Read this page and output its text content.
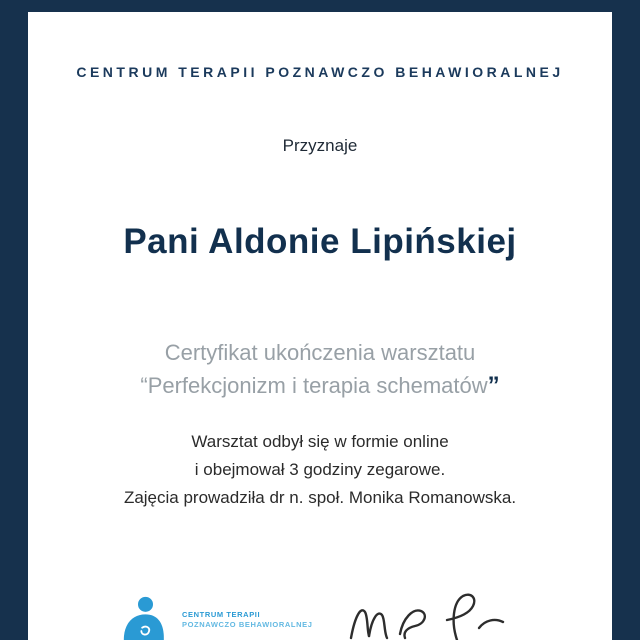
CENTRUM TERAPII POZNAWCZO BEHAWIORALNEJ
Przyznaje
Pani Aldonie Lipińskiej
Certyfikat ukończenia warsztatu
“Perfekcjonizm i terapia schematów”
Warsztat odbył się w formie online
i obejmował 3 godziny zegarowe.
Zajęcia prowadziła dr n. społ. Monika Romanowska.
CENTRUM TERAPII
POZNAWCZO BEHAWIORALNEJ
